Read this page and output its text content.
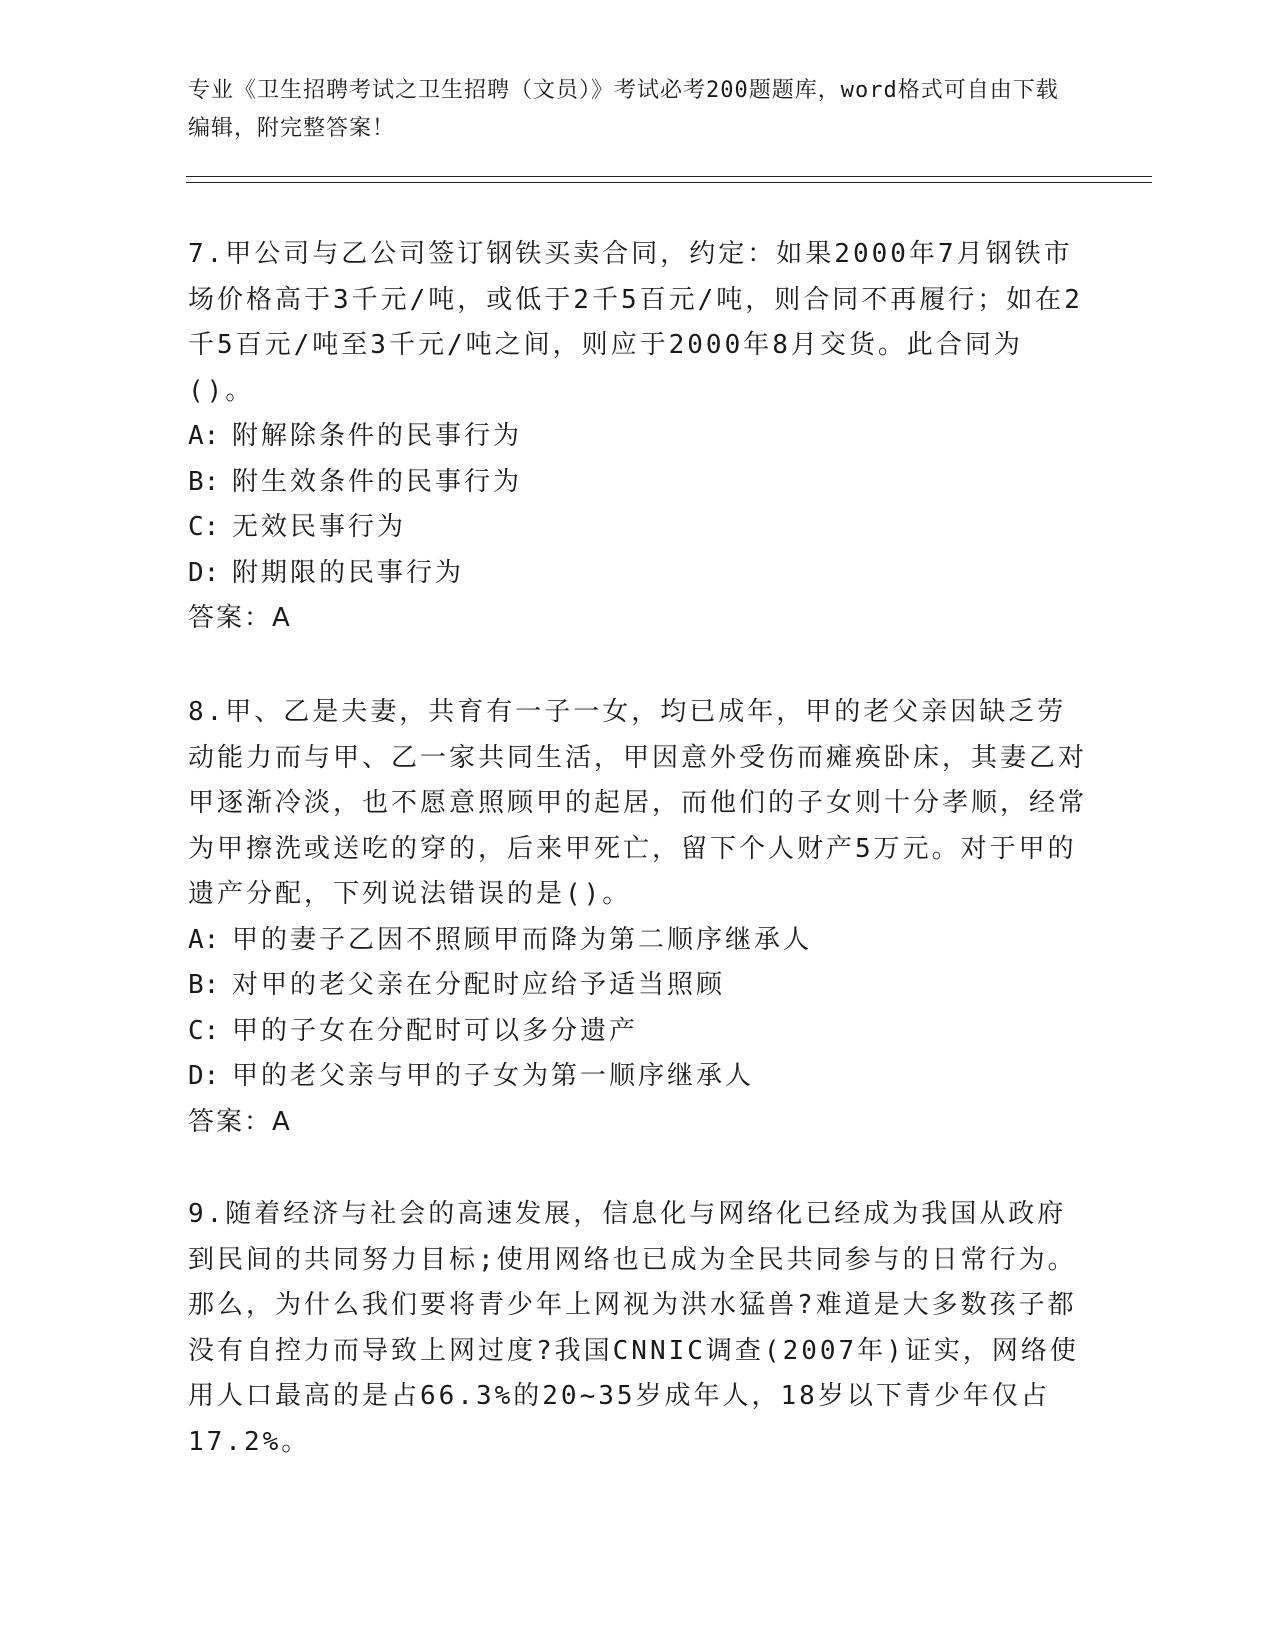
专业《卫生招聘考试之卫生招聘（文员）》考试必考200题题库，word格式可自由下载编辑，附完整答案！

7.甲公司与乙公司签订钢铁买卖合同，约定：如果2000年7月钢铁市场价格高于3千元/吨，或低于2千5百元/吨，则合同不再履行；如在2千5百元/吨至3千元/吨之间，则应于2000年8月交货。此合同为()。

A: 附解除条件的民事行为

B: 附生效条件的民事行为

C: 无效民事行为

D: 附期限的民事行为

答案：A

8.甲、乙是夫妻，共育有一子一女，均已成年，甲的老父亲因缺乏劳动能力而与甲、乙一家共同生活，甲因意外受伤而瘫痪卧床，其妻乙对甲逐渐冷淡，也不愿意照顾甲的起居，而他们的子女则十分孝顺，经常为甲擦洗或送吃的穿的，后来甲死亡，留下个人财产5万元。对于甲的遗产分配，下列说法错误的是()。

A: 甲的妻子乙因不照顾甲而降为第二顺序继承人

B: 对甲的老父亲在分配时应给予适当照顾

C: 甲的子女在分配时可以多分遗产

D: 甲的老父亲与甲的子女为第一顺序继承人

答案：A

9.随着经济与社会的高速发展，信息化与网络化已经成为我国从政府到民间的共同努力目标;使用网络也已成为全民共同参与的日常行为。那么，为什么我们要将青少年上网视为洪水猛兽?难道是大多数孩子都没有自控力而导致上网过度?我国CNNIC调查(2007年)证实，网络使用人口最高的是占66.3%的20~35岁成年人，18岁以下青少年仅占17.2%。
